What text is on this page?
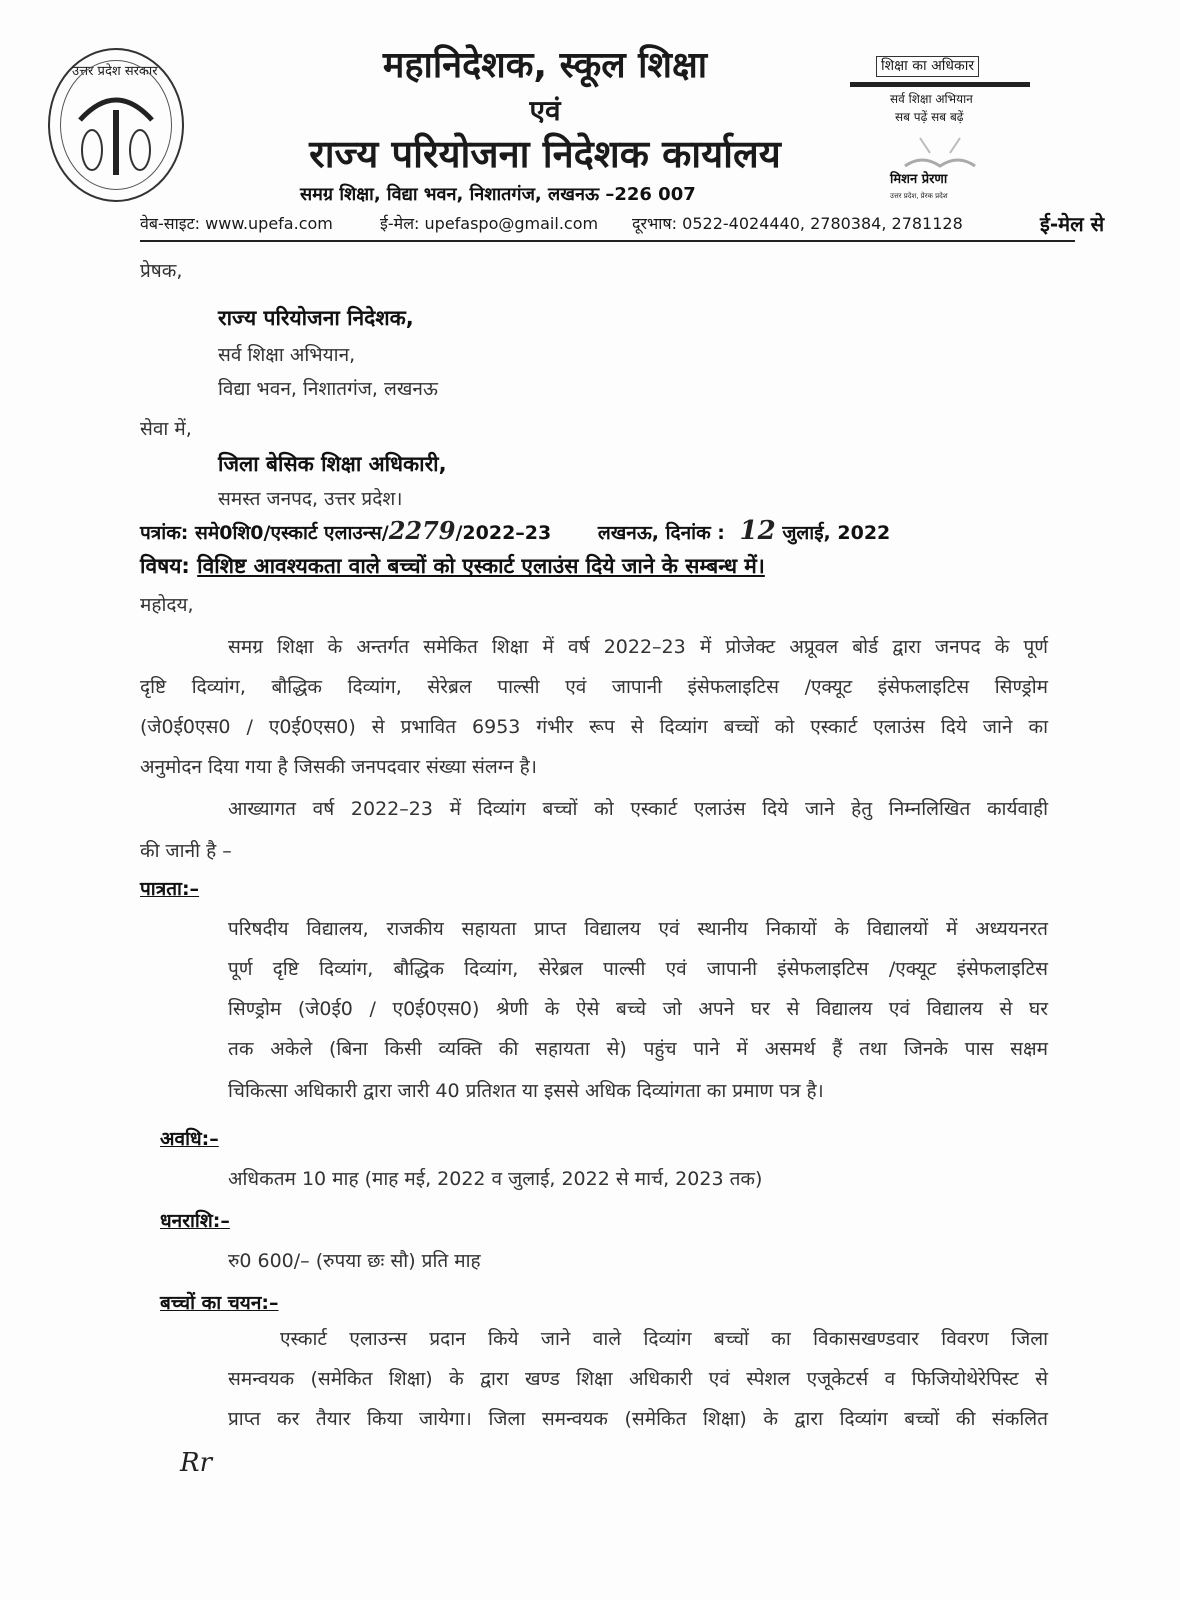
उत्तर प्रदेश सरकार	महानिदेशक, स्कूल शिक्षा
एवं
राज्य परियोजना निदेशक कार्यालय
समग्र शिक्षा, विद्या भवन, निशातगंज, लखनऊ –226 007
वेब-साइट: www.upefa.com	ई-मेल: upefaspo@gmail.com दूरभाष: 0522-4024440, 2780384, 2781128	ई-मेल से
शिक्षा का अधिकार
सर्व शिक्षा अभियान
सब पढ़ें सब बढ़ें
मिशन प्रेरणा
उत्तर प्रदेश, प्रेरक प्रदेश
प्रेषक,
राज्य परियोजना निदेशक,
सर्व शिक्षा अभियान,
विद्या भवन, निशातगंज, लखनऊ
सेवा में,
जिला बेसिक शिक्षा अधिकारी,
समस्त जनपद, उत्तर प्रदेश।
पत्रांक: समे0शि0/एस्कार्ट एलाउन्स/2279/2022–23 लखनऊ, दिनांक : 12 जुलाई, 2022
विषय: विशिष्ट आवश्यकता वाले बच्चों को एस्कार्ट एलाउंस दिये जाने के सम्बन्ध में।
महोदय,
समग्र शिक्षा के अन्तर्गत समेकित शिक्षा में वर्ष 2022–23 में प्रोजेक्ट अप्रूवल बोर्ड द्वारा जनपद के पूर्ण
दृष्टि दिव्यांग, बौद्धिक दिव्यांग, सेरेब्रल पाल्सी एवं जापानी इंसेफलाइटिस /एक्यूट इंसेफलाइटिस सिण्ड्रोम
(जे0ई0एस0 / ए0ई0एस0) से प्रभावित 6953 गंभीर रूप से दिव्यांग बच्चों को एस्कार्ट एलाउंस दिये जाने का
अनुमोदन दिया गया है जिसकी जनपदवार संख्या संलग्न है।
आख्यागत वर्ष 2022–23 में दिव्यांग बच्चों को एस्कार्ट एलाउंस दिये जाने हेतु निम्नलिखित कार्यवाही
की जानी है –
पात्रता:–
परिषदीय विद्यालय, राजकीय सहायता प्राप्त विद्यालय एवं स्थानीय निकायों के विद्यालयों में अध्ययनरत
पूर्ण दृष्टि दिव्यांग, बौद्धिक दिव्यांग, सेरेब्रल पाल्सी एवं जापानी इंसेफलाइटिस /एक्यूट इंसेफलाइटिस
सिण्ड्रोम (जे0ई0 / ए0ई0एस0) श्रेणी के ऐसे बच्चे जो अपने घर से विद्यालय एवं विद्यालय से घर
तक अकेले (बिना किसी व्यक्ति की सहायता से) पहुंच पाने में असमर्थ हैं तथा जिनके पास सक्षम
चिकित्सा अधिकारी द्वारा जारी 40 प्रतिशत या इससे अधिक दिव्यांगता का प्रमाण पत्र है।
अवधि:–
अधिकतम 10 माह (माह मई, 2022 व जुलाई, 2022 से मार्च, 2023 तक)
धनराशि:–
रु0 600/– (रुपया छः सौ) प्रति माह
बच्चों का चयन:–
एस्कार्ट एलाउन्स प्रदान किये जाने वाले दिव्यांग बच्चों का विकासखण्डवार विवरण जिला
समन्वयक (समेकित शिक्षा) के द्वारा खण्ड शिक्षा अधिकारी एवं स्पेशल एजूकेटर्स व फिजियोथेरेपिस्ट से
प्राप्त कर तैयार किया जायेगा। जिला समन्वयक (समेकित शिक्षा) के द्वारा दिव्यांग बच्चों की संकलित
Rr
